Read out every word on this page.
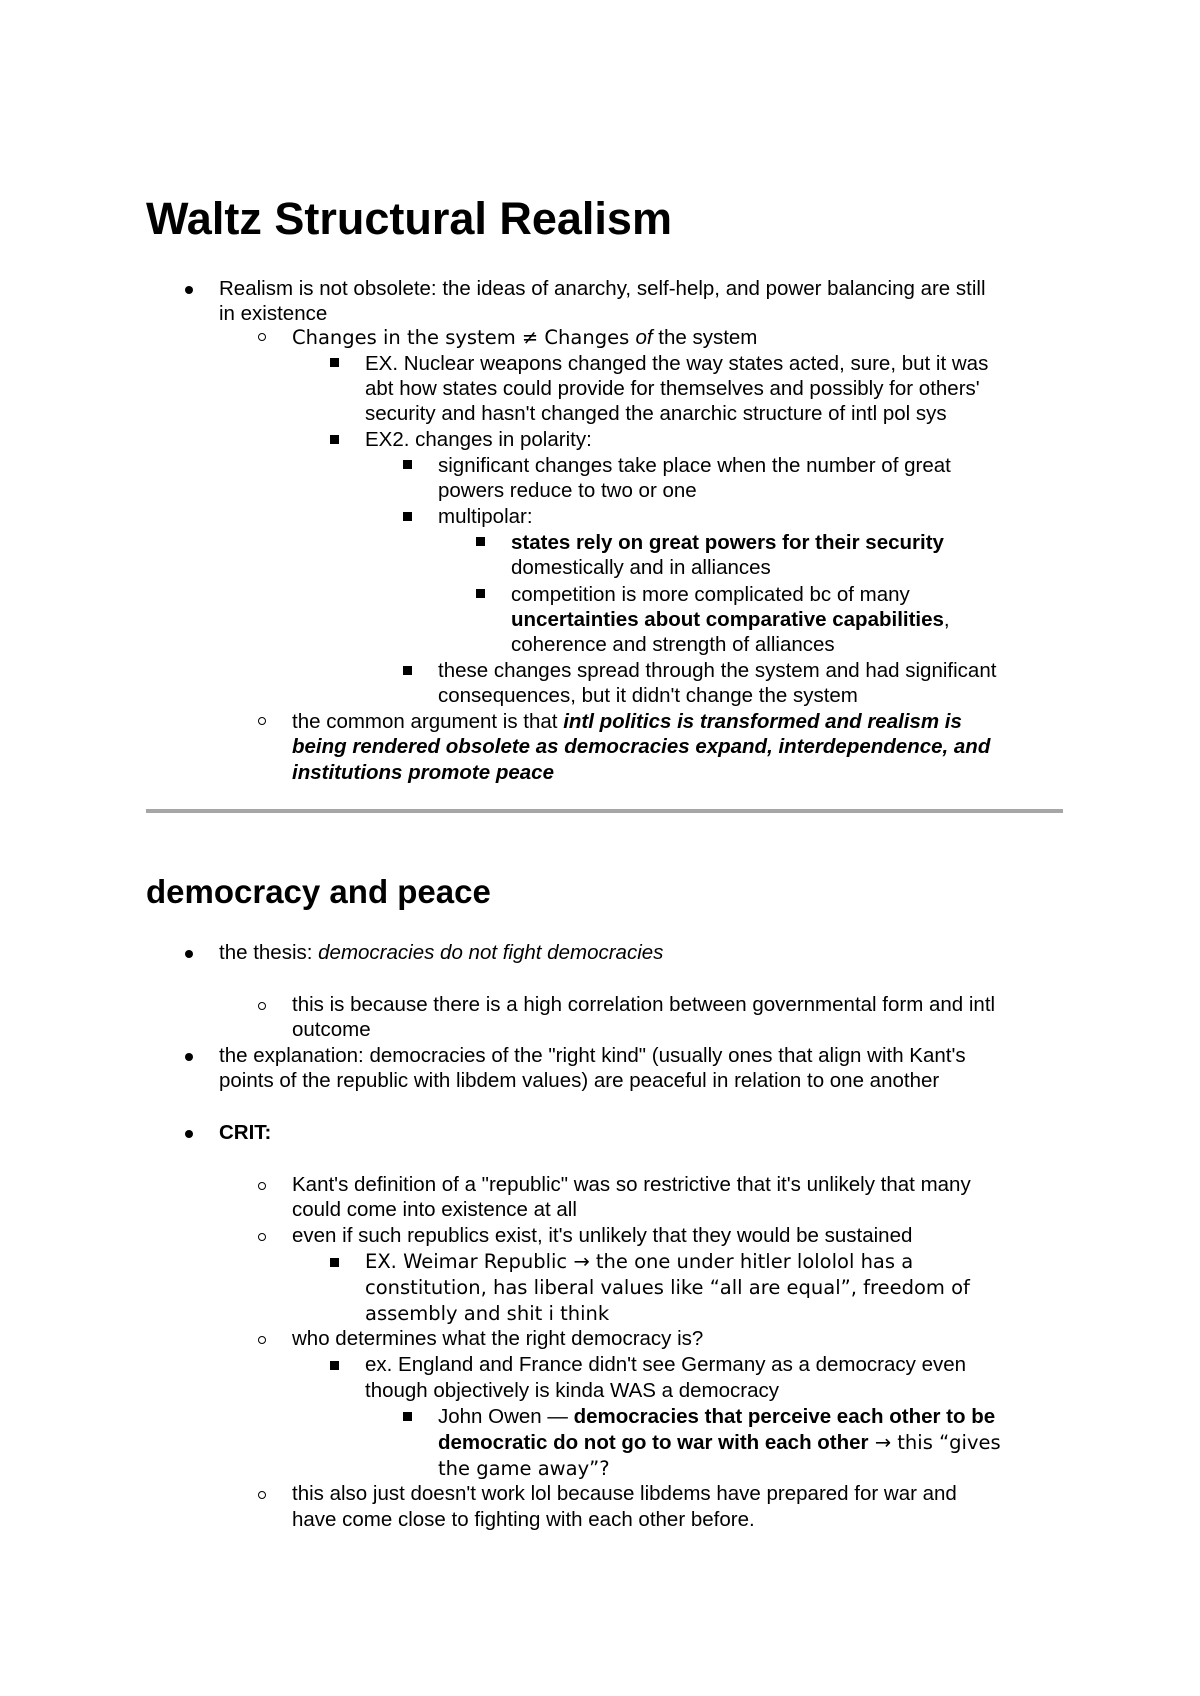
Waltz Structural Realism
Realism is not obsolete: the ideas of anarchy, self-help, and power balancing are still
in existence
Changes in the system ≠ Changes of the system
EX. Nuclear weapons changed the way states acted, sure, but it was
abt how states could provide for themselves and possibly for others'
security and hasn't changed the anarchic structure of intl pol sys
EX2. changes in polarity:
significant changes take place when the number of great
powers reduce to two or one
multipolar:
states rely on great powers for their security
domestically and in alliances
competition is more complicated bc of many
uncertainties about comparative capabilities,
coherence and strength of alliances
these changes spread through the system and had significant
consequences, but it didn't change the system
the common argument is that intl politics is transformed and realism is
being rendered obsolete as democracies expand, interdependence, and
institutions promote peace
democracy and peace
the thesis: democracies do not fight democracies
this is because there is a high correlation between governmental form and intl
outcome
the explanation: democracies of the "right kind" (usually ones that align with Kant's
points of the republic with libdem values) are peaceful in relation to one another
CRIT:
Kant's definition of a "republic" was so restrictive that it's unlikely that many
could come into existence at all
even if such republics exist, it's unlikely that they would be sustained
EX. Weimar Republic → the one under hitler lololol has a
constitution, has liberal values like “all are equal”, freedom of
assembly and shit i think
who determines what the right democracy is?
ex. England and France didn't see Germany as a democracy even
though objectively is kinda WAS a democracy
John Owen — democracies that perceive each other to be
democratic do not go to war with each other → this “gives
the game away”?
this also just doesn't work lol because libdems have prepared for war and
have come close to fighting with each other before.
